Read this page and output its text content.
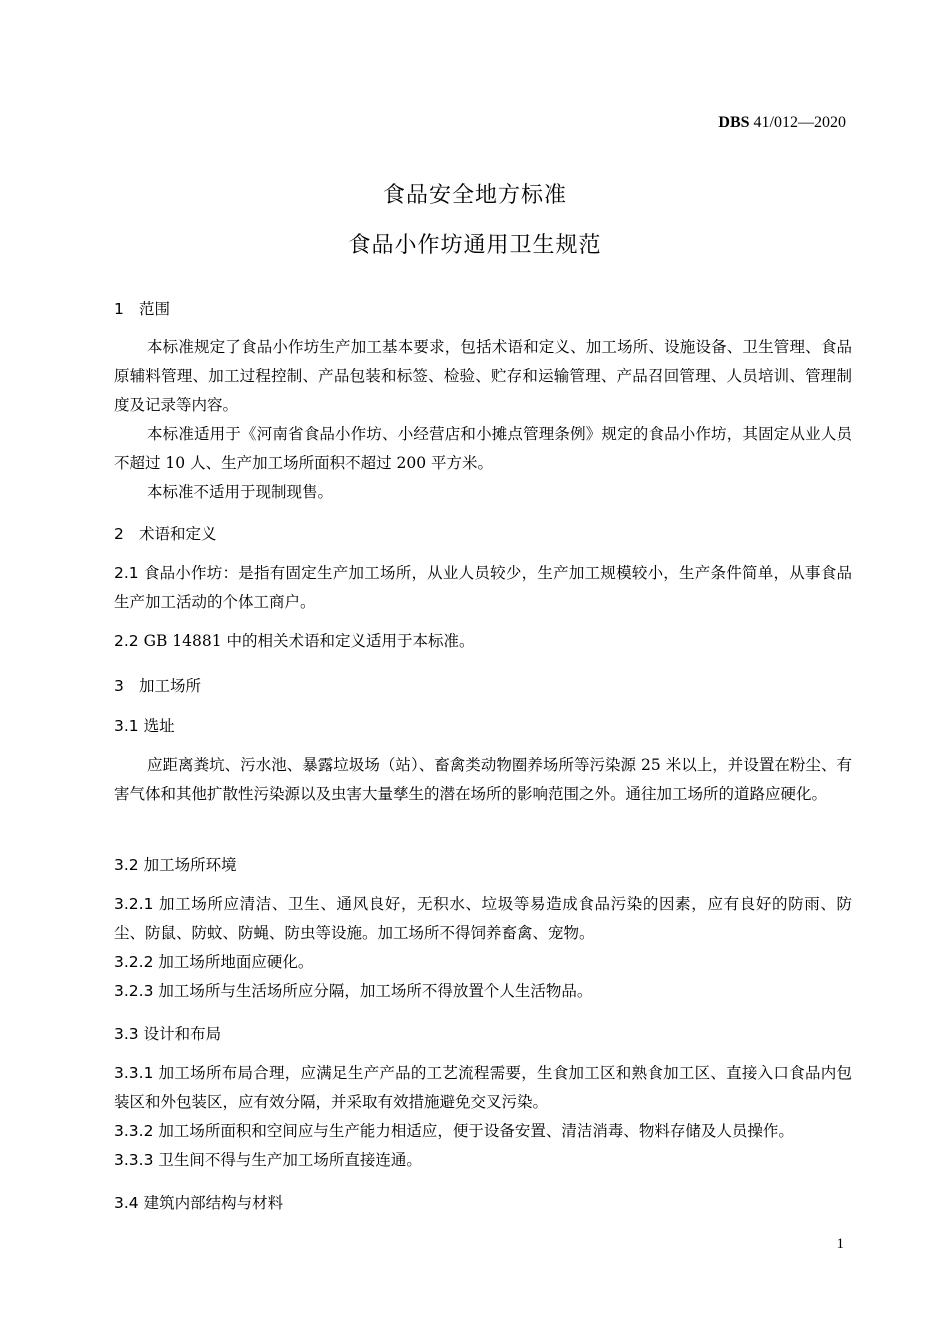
DBS 41/012—2020
食品安全地方标准
食品小作坊通用卫生规范
1 范围
本标准规定了食品小作坊生产加工基本要求，包括术语和定义、加工场所、设施设备、卫生管理、食品原辅料管理、加工过程控制、产品包装和标签、检验、贮存和运输管理、产品召回管理、人员培训、管理制度及记录等内容。
本标准适用于《河南省食品小作坊、小经营店和小摊点管理条例》规定的食品小作坊，其固定从业人员不超过 10 人、生产加工场所面积不超过 200 平方米。
本标准不适用于现制现售。
2 术语和定义
2.1 食品小作坊：是指有固定生产加工场所，从业人员较少，生产加工规模较小，生产条件简单，从事食品生产加工活动的个体工商户。
2.2 GB 14881 中的相关术语和定义适用于本标准。
3 加工场所
3.1 选址
应距离粪坑、污水池、暴露垃圾场（站）、畜禽类动物圈养场所等污染源 25 米以上，并设置在粉尘、有害气体和其他扩散性污染源以及虫害大量孳生的潜在场所的影响范围之外。通往加工场所的道路应硬化。
3.2 加工场所环境
3.2.1 加工场所应清洁、卫生、通风良好，无积水、垃圾等易造成食品污染的因素，应有良好的防雨、防尘、防鼠、防蚊、防蝇、防虫等设施。加工场所不得饲养畜禽、宠物。
3.2.2 加工场所地面应硬化。
3.2.3 加工场所与生活场所应分隔，加工场所不得放置个人生活物品。
3.3 设计和布局
3.3.1 加工场所布局合理，应满足生产产品的工艺流程需要，生食加工区和熟食加工区、直接入口食品内包装区和外包装区，应有效分隔，并采取有效措施避免交叉污染。
3.3.2 加工场所面积和空间应与生产能力相适应，便于设备安置、清洁消毒、物料存储及人员操作。
3.3.3 卫生间不得与生产加工场所直接连通。
3.4 建筑内部结构与材料
1
